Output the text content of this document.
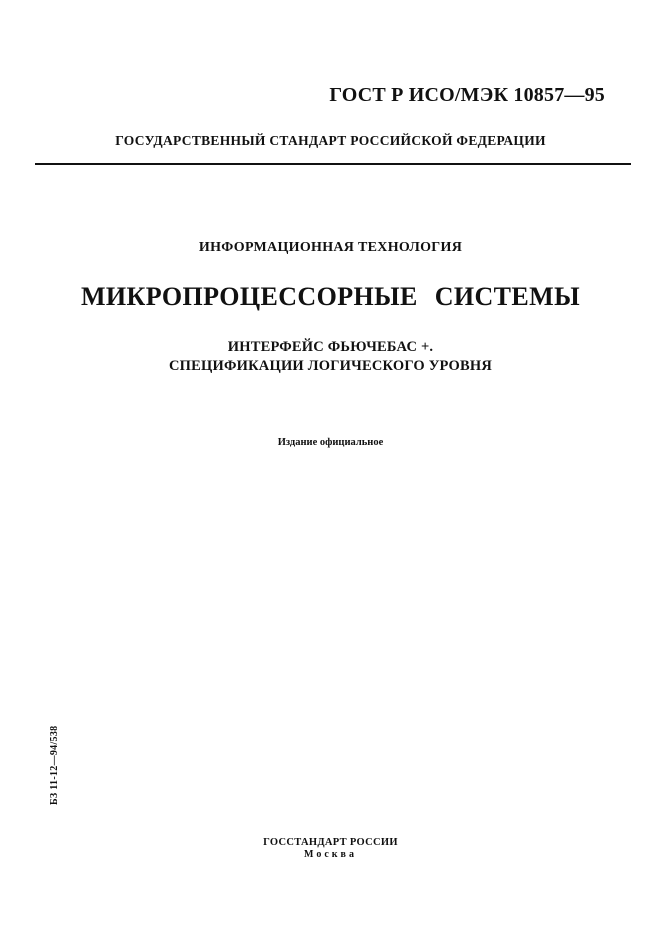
ГОСТ Р ИСО/МЭК 10857—95
ГОСУДАРСТВЕННЫЙ СТАНДАРТ РОССИЙСКОЙ ФЕДЕРАЦИИ
ИНФОРМАЦИОННАЯ ТЕХНОЛОГИЯ
МИКРОПРОЦЕССОРНЫЕ СИСТЕМЫ
ИНТЕРФЕЙС ФЬЮЧЕБАС +.
СПЕЦИФИКАЦИИ ЛОГИЧЕСКОГО УРОВНЯ
Издание официальное
БЗ 11-12—94/538
ГОССТАНДАРТ РОССИИ
Москва
